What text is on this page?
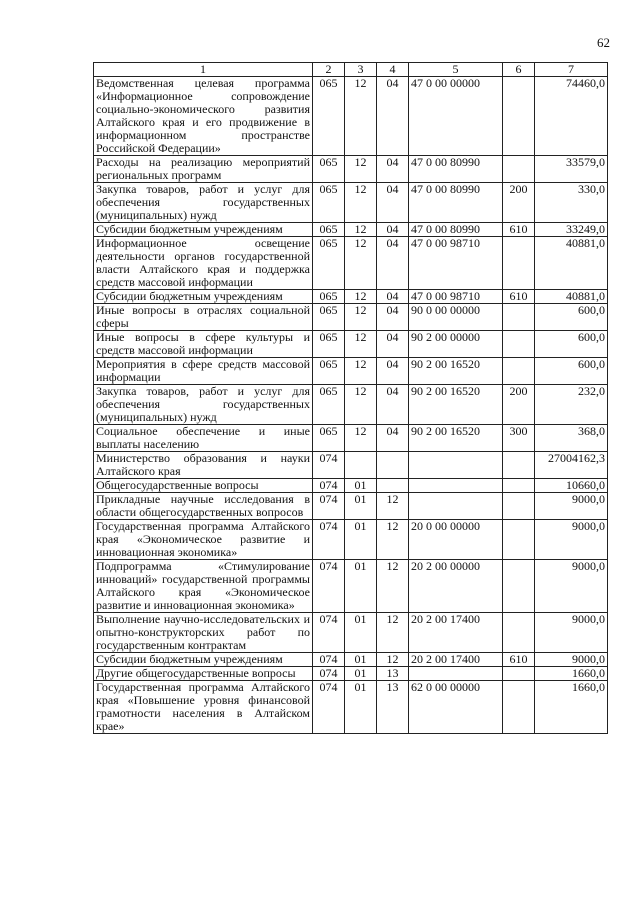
62
1	2	3	4	5	6	7
Ведомственная целевая программа «Информационное сопровождение социально-экономического развития Алтайского края и его продвижение в информационном пространстве Российской Федерации»	065	12	04	47 0 00 00000		74460,0
Расходы на реализацию мероприятий региональных программ	065	12	04	47 0 00 80990		33579,0
Закупка товаров, работ и услуг для обеспечения государственных (муниципальных) нужд	065	12	04	47 0 00 80990	200	330,0
Субсидии бюджетным учреждениям	065	12	04	47 0 00 80990	610	33249,0
Информационное освещение деятельности органов государственной власти Алтайского края и поддержка средств массовой информации	065	12	04	47 0 00 98710		40881,0
Субсидии бюджетным учреждениям	065	12	04	47 0 00 98710	610	40881,0
Иные вопросы в отраслях социальной сферы	065	12	04	90 0 00 00000		600,0
Иные вопросы в сфере культуры и средств массовой информации	065	12	04	90 2 00 00000		600,0
Мероприятия в сфере средств массовой информации	065	12	04	90 2 00 16520		600,0
Закупка товаров, работ и услуг для обеспечения государственных (муниципальных) нужд	065	12	04	90 2 00 16520	200	232,0
Социальное обеспечение и иные выплаты населению	065	12	04	90 2 00 16520	300	368,0
Министерство образования и науки Алтайского края	074					27004162,3
Общегосударственные вопросы	074	01				10660,0
Прикладные научные исследования в области общегосударственных вопросов	074	01	12			9000,0
Государственная программа Алтайского края «Экономическое развитие и инновационная экономика»	074	01	12	20 0 00 00000		9000,0
Подпрограмма «Стимулирование инноваций» государственной программы Алтайского края «Экономическое развитие и инновационная экономика»	074	01	12	20 2 00 00000		9000,0
Выполнение научно-исследовательских и опытно-конструкторских работ по государственным контрактам	074	01	12	20 2 00 17400		9000,0
Субсидии бюджетным учреждениям	074	01	12	20 2 00 17400	610	9000,0
Другие общегосударственные вопросы	074	01	13			1660,0
Государственная программа Алтайского края «Повышение уровня финансовой грамотности населения в Алтайском крае»	074	01	13	62 0 00 00000		1660,0
